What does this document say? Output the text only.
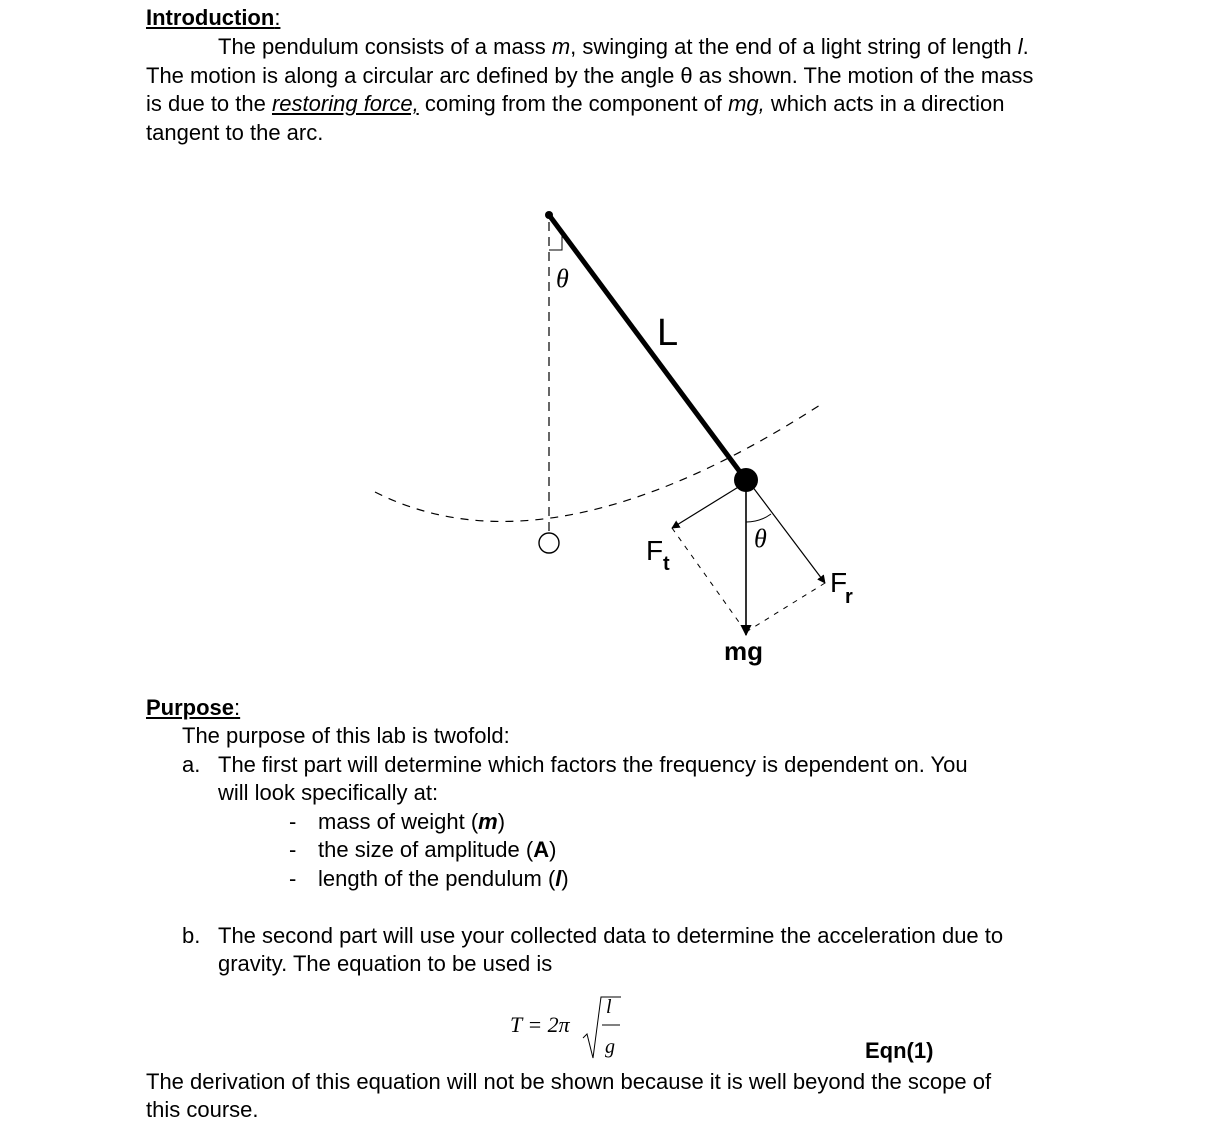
Introduction:
The pendulum consists of a mass m, swinging at the end of a light string of length l. The motion is along a circular arc defined by the angle θ as shown. The motion of the mass is due to the restoring force, coming from the component of mg, which acts in a direction tangent to the arc.
θ
L
θ
F t
F
r
mg
Purpose:
The purpose of this lab is twofold:
a. The first part will determine which factors the frequency is dependent on. You
will look specifically at:
- mass of weight (m)
- the size of amplitude (A)
- length of the pendulum (l)
b. The second part will use your collected data to determine the acceleration due to
gravity. The equation to be used is
T = 2π
l
g	Eqn(1)
The derivation of this equation will not be shown because it is well beyond the scope of
this course.
